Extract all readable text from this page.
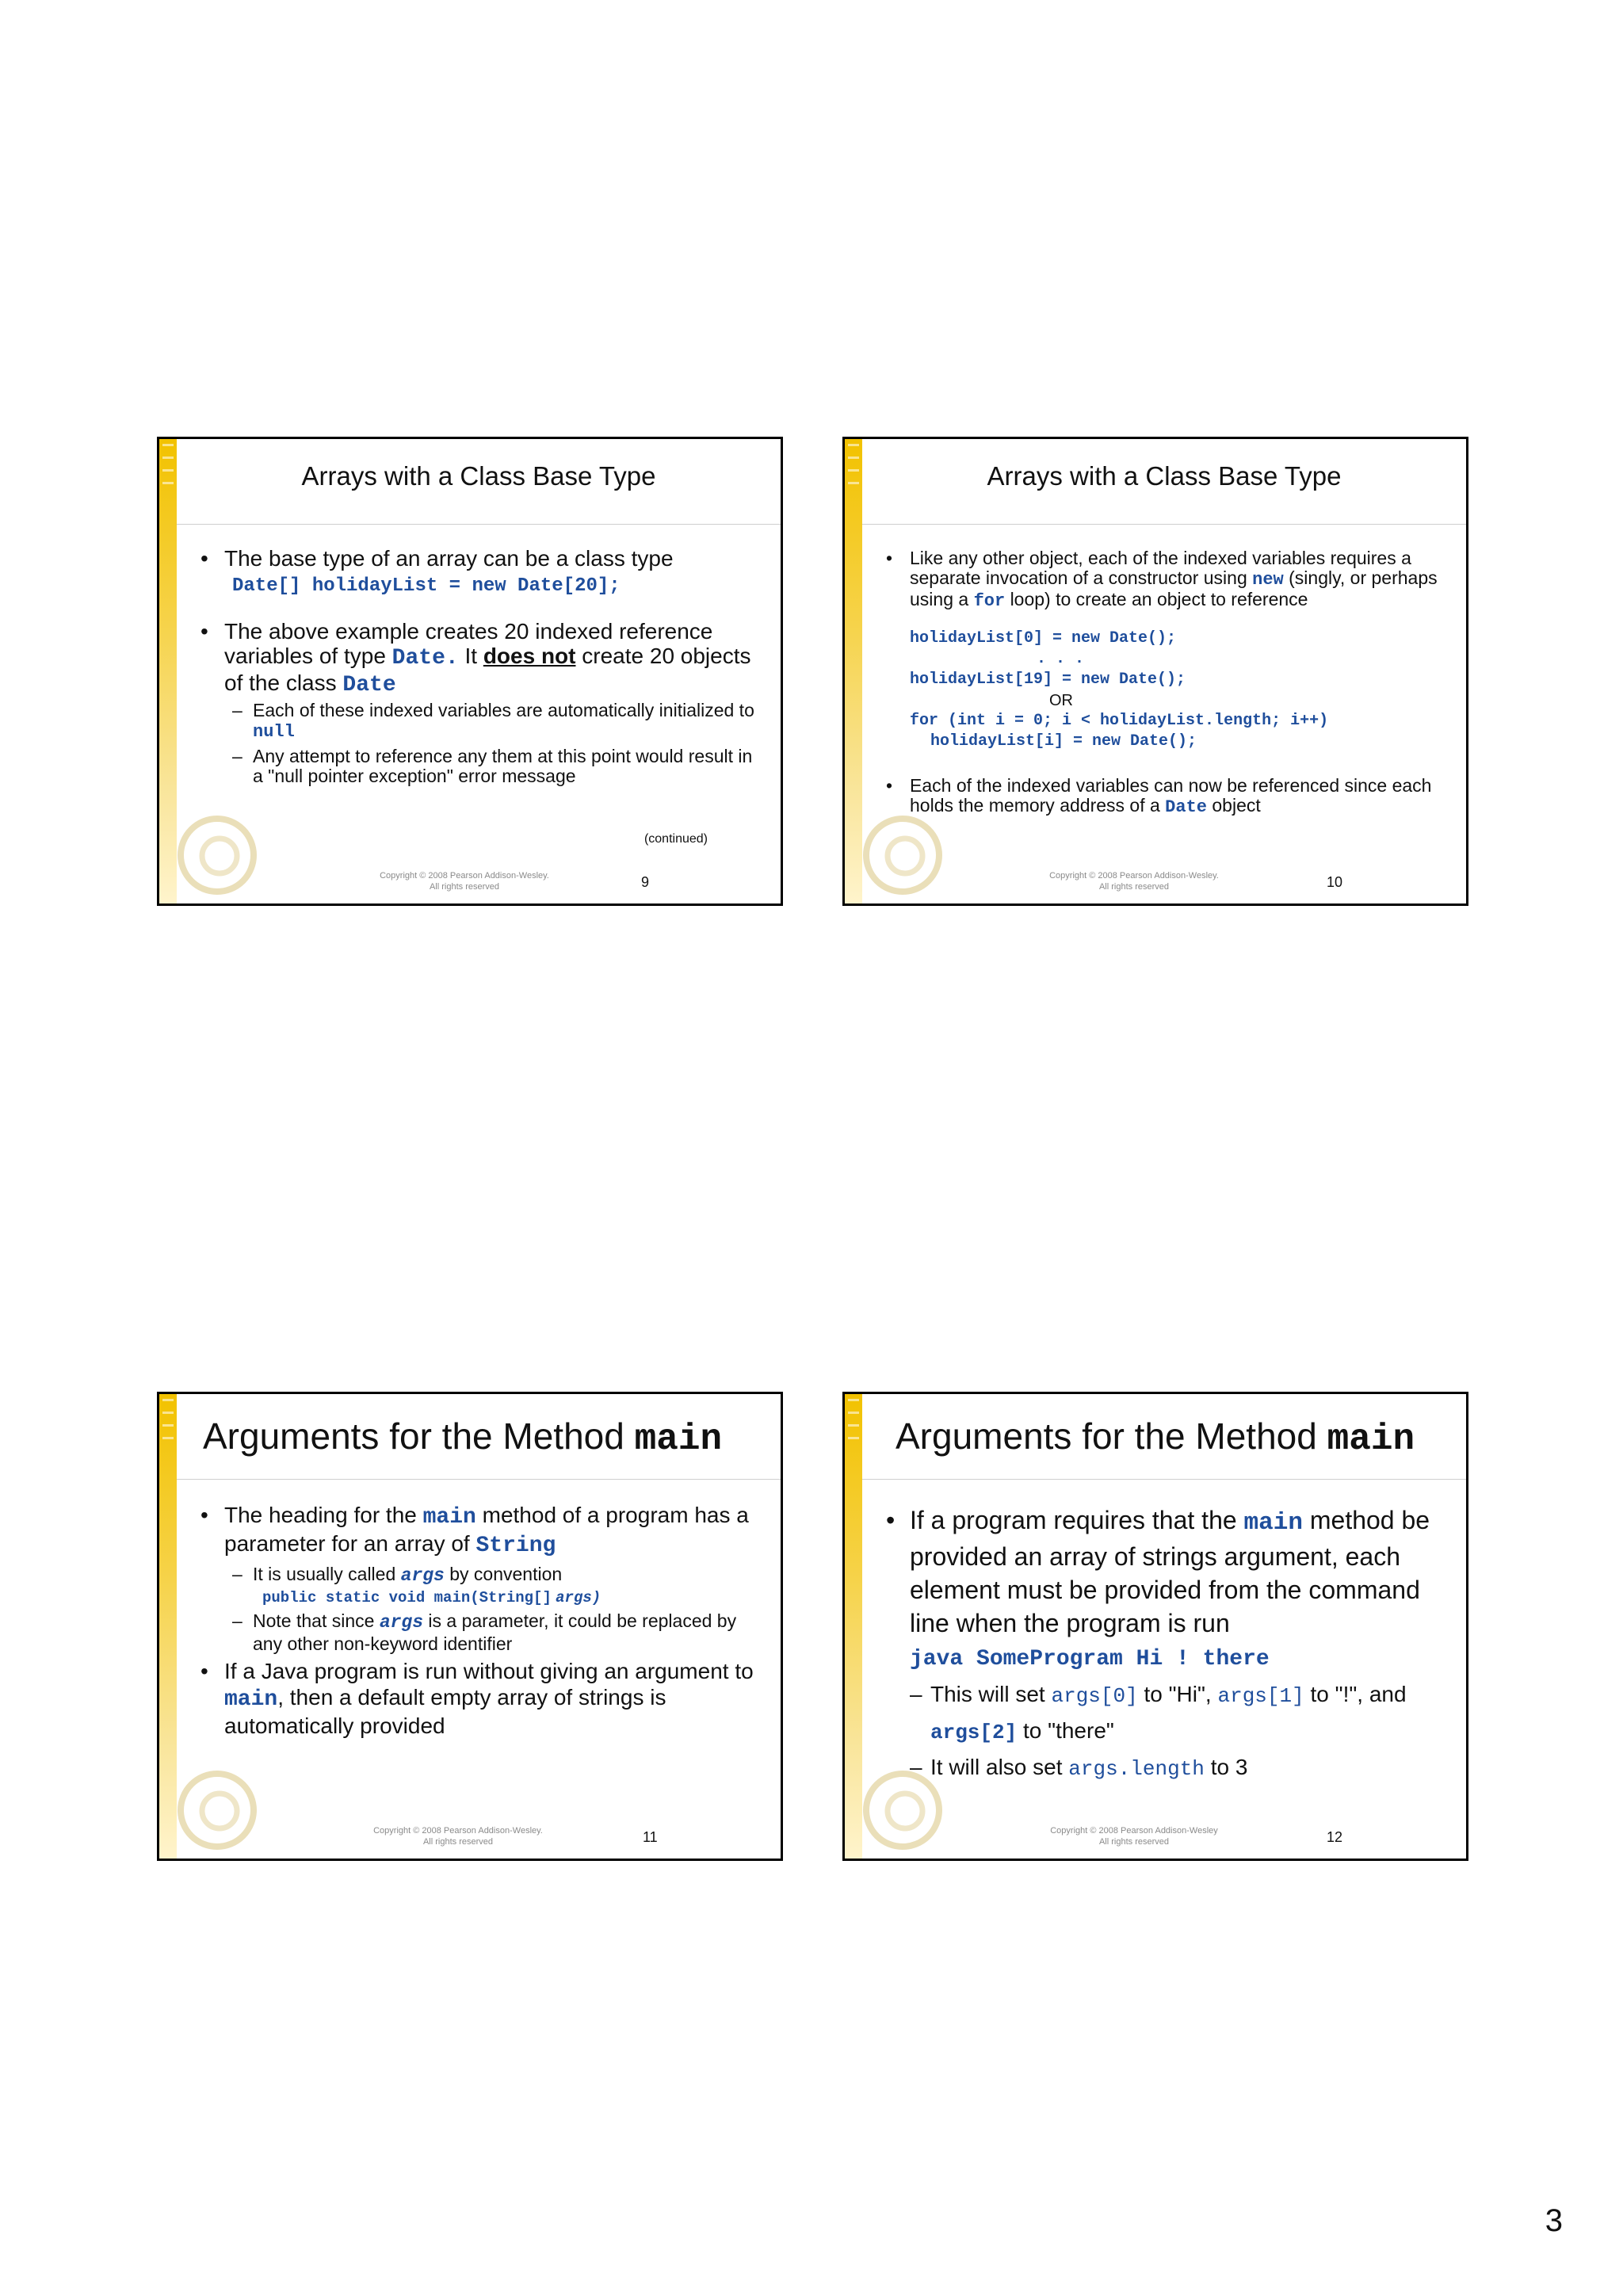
Arrays with a Class Base Type
• The base type of an array can be a class type
Date[] holidayList = new Date[20];
• The above example creates 20 indexed reference variables of type Date. It does not create 20 objects of the class Date
– Each of these indexed variables are automatically initialized to null
– Any attempt to reference any them at this point would result in a "null pointer exception" error message
(continued)
Copyright © 2008 Pearson Addison-Wesley.
All rights reserved	9
Arrays with a Class Base Type
• Like any other object, each of the indexed variables requires a separate invocation of a constructor using new (singly, or perhaps using a for loop) to create an object to reference
holidayList[0] = new Date();
. . .
holidayList[19] = new Date();
OR
for (int i = 0; i < holidayList.length; i++)
holidayList[i] = new Date();
• Each of the indexed variables can now be referenced since each holds the memory address of a Date object
Copyright © 2008 Pearson Addison-Wesley.
All rights reserved	10
Arguments for the Method main
• The heading for the main method of a program has a parameter for an array of String
– It is usually called args by convention
public static void main(String[] args)
– Note that since args is a parameter, it could be replaced by any other non-keyword identifier
• If a Java program is run without giving an argument to main, then a default empty array of strings is automatically provided
Copyright © 2008 Pearson Addison-Wesley.
All rights reserved	11
Arguments for the Method main
• If a program requires that the main method be provided an array of strings argument, each element must be provided from the command line when the program is run
java SomeProgram Hi ! there
– This will set args[0] to "Hi", args[1] to "!", and args[2] to "there"
– It will also set args.length to 3
Copyright © 2008 Pearson Addison-Wesley
All rights reserved	12
3
